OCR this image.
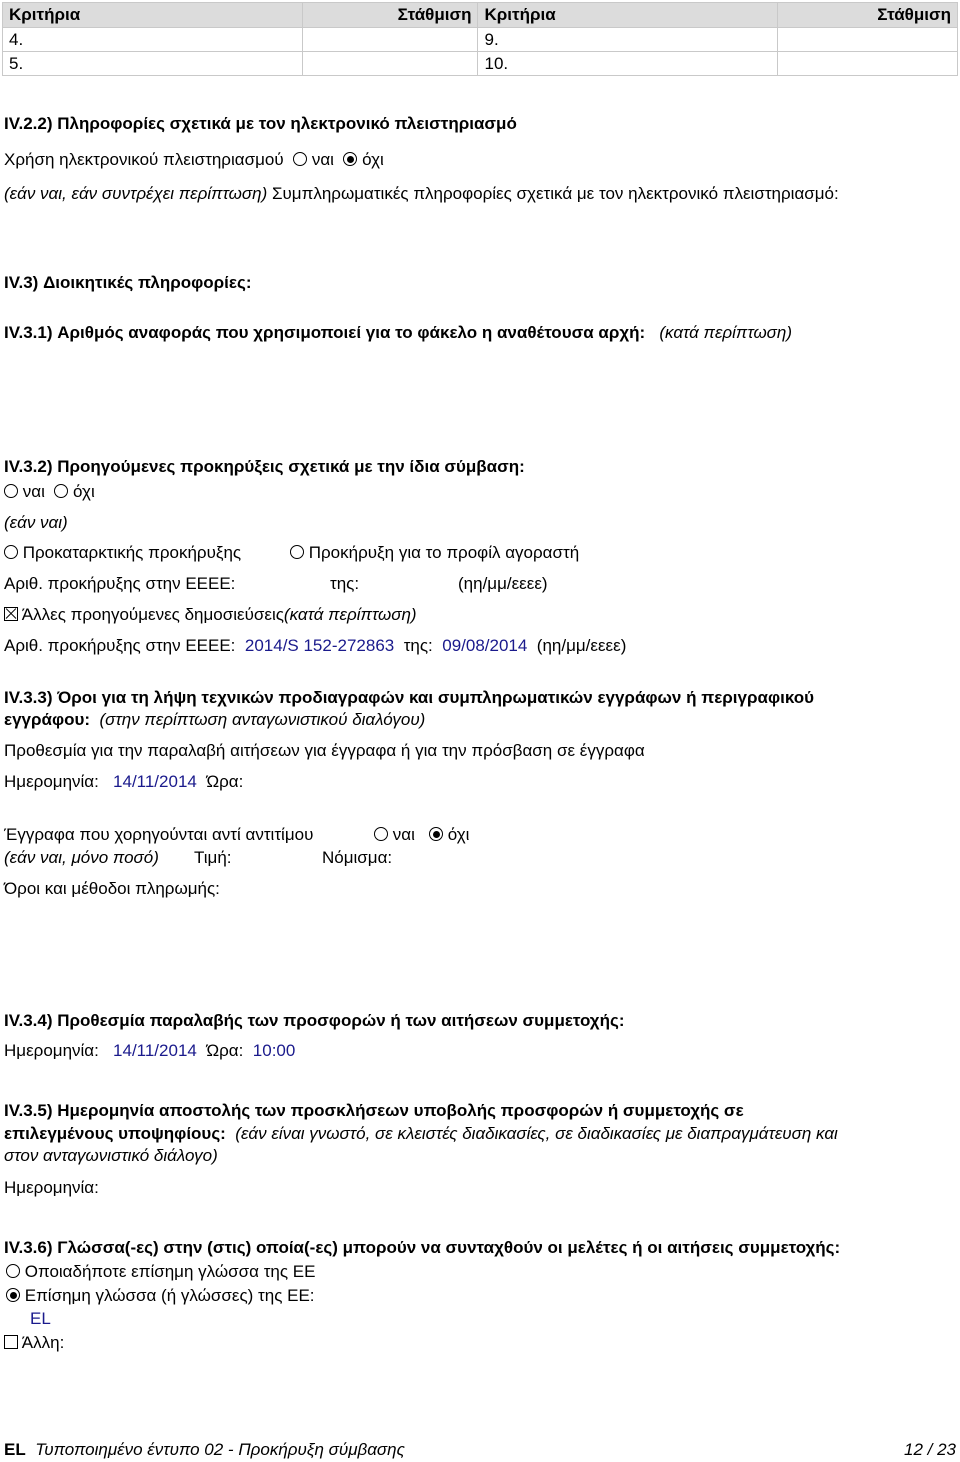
Κριτήρια	Στάθμιση	Κριτήρια	Στάθμιση
4.		9.	
5.		10.	
IV.2.2) Πληροφορίες σχετικά με τον ηλεκτρονικό πλειστηριασμό
Χρήση ηλεκτρονικού πλειστηριασμού ναι όχι
(εάν ναι, εάν συντρέχει περίπτωση) Συμπληρωματικές πληροφορίες σχετικά με τον ηλεκτρονικό πλειστηριασμό:
IV.3) Διοικητικές πληροφορίες:
IV.3.1) Αριθμός αναφοράς που χρησιμοποιεί για το φάκελο η αναθέτουσα αρχή: (κατά περίπτωση)
IV.3.2) Προηγούμενες προκηρύξεις σχετικά με την ίδια σύμβαση:
ναι όχι
(εάν ναι)
Προκαταρκτικής προκήρυξης	Προκήρυξη για το προφίλ αγοραστή
Αριθ. προκήρυξης στην ΕΕΕΕ:	της:	(ηη/μμ/εεεε)
Άλλες προηγούμενες δημοσιεύσεις(κατά περίπτωση)
Αριθ. προκήρυξης στην ΕΕΕΕ: 2014/S 152-272863 της: 09/08/2014 (ηη/μμ/εεεε)
IV.3.3) Όροι για τη λήψη τεχνικών προδιαγραφών και συμπληρωματικών εγγράφων ή περιγραφικού
εγγράφου: (στην περίπτωση ανταγωνιστικού διαλόγου)
Προθεσμία για την παραλαβή αιτήσεων για έγγραφα ή για την πρόσβαση σε έγγραφα
Ημερομηνία: 14/11/2014 Ώρα:
Έγγραφα που χορηγούνται αντί αντιτίμου	ναι όχι
(εάν ναι, μόνο ποσό) Τιμή:	Νόμισμα:
Όροι και μέθοδοι πληρωμής:
IV.3.4) Προθεσμία παραλαβής των προσφορών ή των αιτήσεων συμμετοχής:
Ημερομηνία: 14/11/2014 Ώρα: 10:00
IV.3.5) Ημερομηνία αποστολής των προσκλήσεων υποβολής προσφορών ή συμμετοχής σε
επιλεγμένους υποψηφίους: (εάν είναι γνωστό, σε κλειστές διαδικασίες, σε διαδικασίες με διαπραγμάτευση και
στον ανταγωνιστικό διάλογο)
Ημερομηνία:
IV.3.6) Γλώσσα(-ες) στην (στις) οποία(-ες) μπορούν να συνταχθούν οι μελέτες ή οι αιτήσεις συμμετοχής:
Οποιαδήποτε επίσημη γλώσσα της ΕΕ
Επίσημη γλώσσα (ή γλώσσες) της ΕΕ:
EL
Άλλη:
EL Τυποποιημένο έντυπο 02 - Προκήρυξη σύμβασης	12 / 23
